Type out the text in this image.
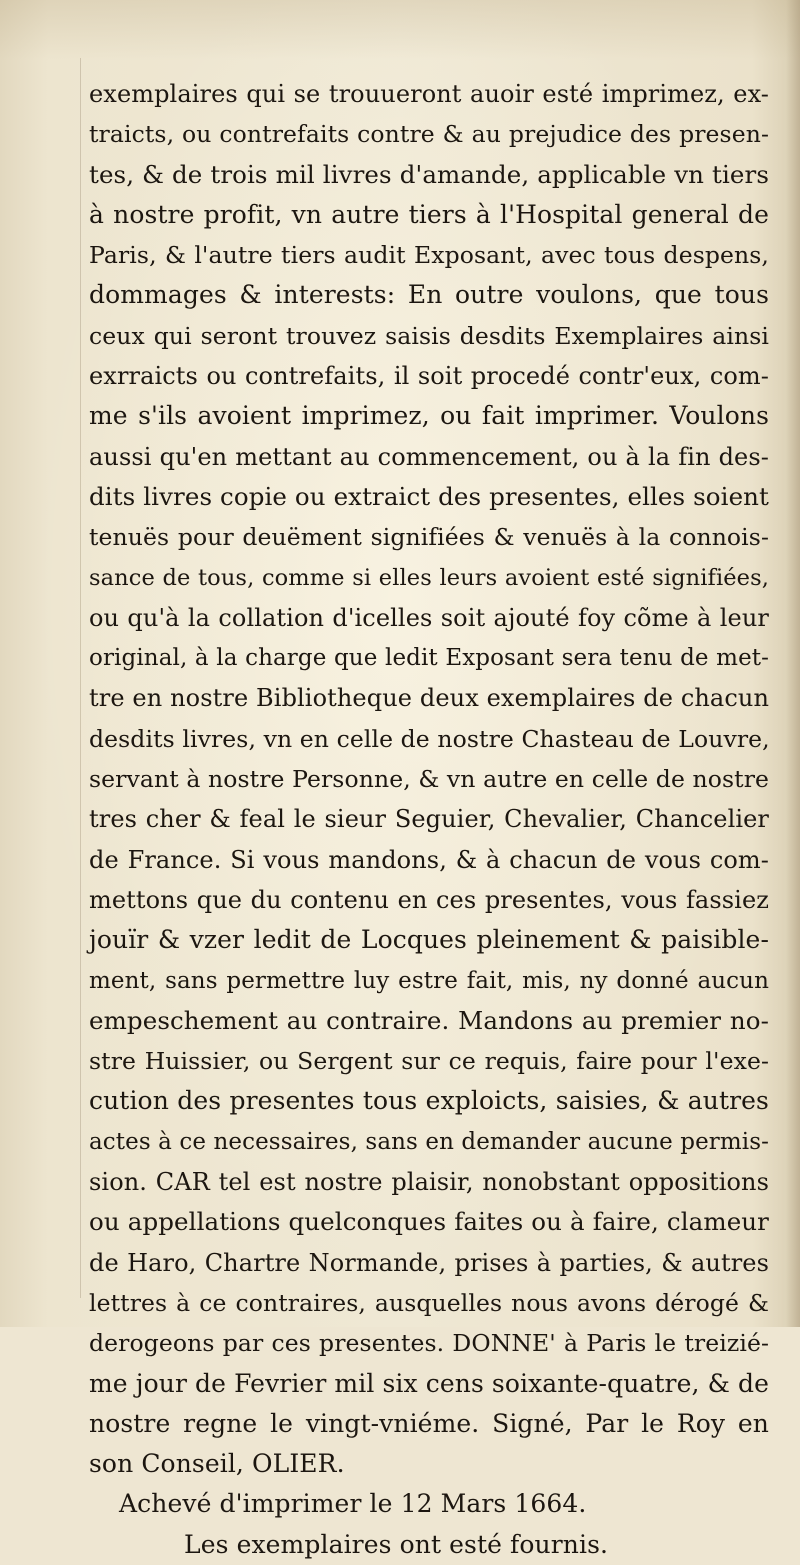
exemplaires qui se trouueront auoir esté imprimez, ex-
traicts, ou contrefaits contre & au prejudice des presen-
tes, & de trois mil livres d'amande, applicable vn tiers
à nostre profit, vn autre tiers à l'Hospital general de
Paris, & l'autre tiers audit Exposant, avec tous despens,
dommages & interests: En outre voulons, que tous
ceux qui seront trouvez saisis desdits Exemplaires ainsi
exrraicts ou contrefaits, il soit procedé contr'eux, com-
me s'ils avoient imprimez, ou fait imprimer. Voulons
aussi qu'en mettant au commencement, ou à la fin des-
dits livres copie ou extraict des presentes, elles soient
tenuës pour deuëment signifiées & venuës à la connois-
sance de tous, comme si elles leurs avoient esté signifiées,
ou qu'à la collation d'icelles soit ajouté foy cõme à leur
original, à la charge que ledit Exposant sera tenu de met-
tre en nostre Bibliotheque deux exemplaires de chacun
desdits livres, vn en celle de nostre Chasteau de Louvre,
servant à nostre Personne, & vn autre en celle de nostre
tres cher & feal le sieur Seguier, Chevalier, Chancelier
de France. Si vous mandons, & à chacun de vous com-
mettons que du contenu en ces presentes, vous fassiez
jouïr & vzer ledit de Locques pleinement & paisible-
ment, sans permettre luy estre fait, mis, ny donné aucun
empeschement au contraire. Mandons au premier no-
stre Huissier, ou Sergent sur ce requis, faire pour l'exe-
cution des presentes tous exploicts, saisies, & autres
actes à ce necessaires, sans en demander aucune permis-
sion. CAR tel est nostre plaisir, nonobstant oppositions
ou appellations quelconques faites ou à faire, clameur
de Haro, Chartre Normande, prises à parties, & autres
lettres à ce contraires, ausquelles nous avons dérogé &
derogeons par ces presentes. DONNE' à Paris le treizié-
me jour de Fevrier mil six cens soixante-quatre, & de
nostre regne le vingt-vniéme. Signé, Par le Roy en
son Conseil, OLIER.
Achevé d'imprimer le 12 Mars 1664.
Les exemplaires ont esté fournis.
